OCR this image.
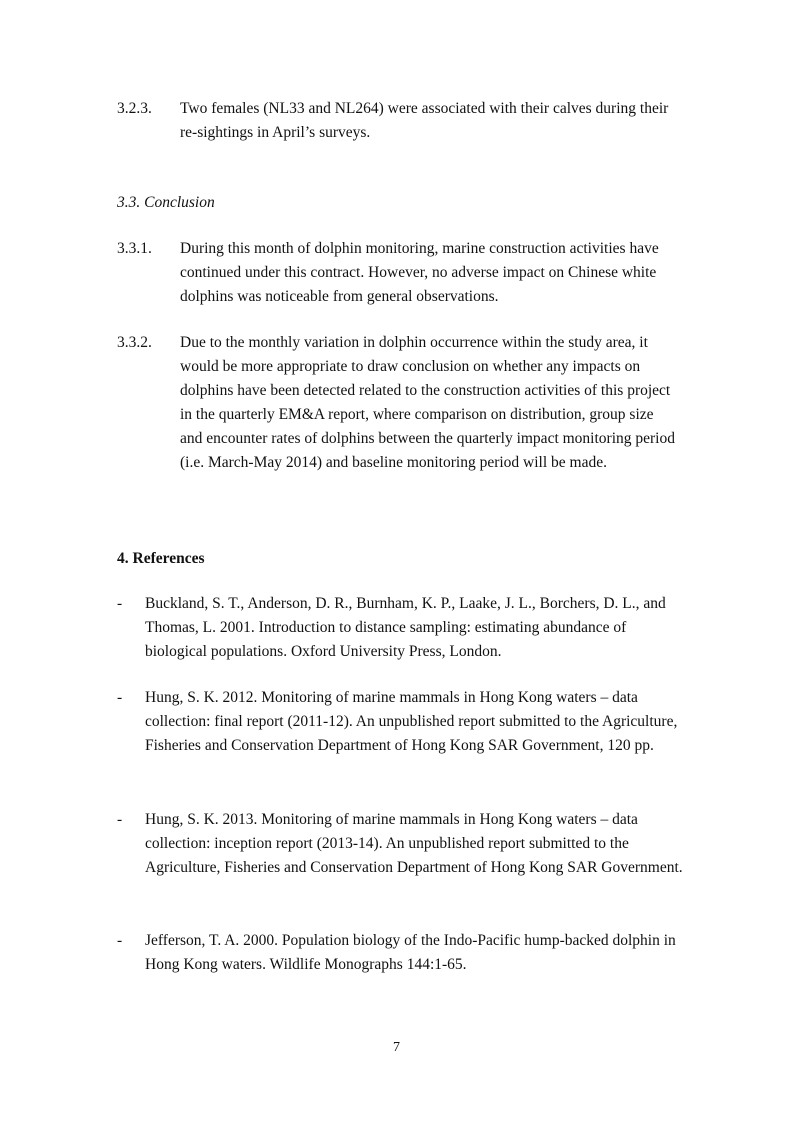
3.2.3.	Two females (NL33 and NL264) were associated with their calves during their re-sightings in April’s surveys.
3.3. Conclusion
3.3.1.	During this month of dolphin monitoring, marine construction activities have continued under this contract. However, no adverse impact on Chinese white dolphins was noticeable from general observations.
3.3.2.	Due to the monthly variation in dolphin occurrence within the study area, it would be more appropriate to draw conclusion on whether any impacts on dolphins have been detected related to the construction activities of this project in the quarterly EM&A report, where comparison on distribution, group size and encounter rates of dolphins between the quarterly impact monitoring period (i.e. March-May 2014) and baseline monitoring period will be made.
4. References
- Buckland, S. T., Anderson, D. R., Burnham, K. P., Laake, J. L., Borchers, D. L., and Thomas, L. 2001. Introduction to distance sampling: estimating abundance of biological populations. Oxford University Press, London.
- Hung, S. K. 2012. Monitoring of marine mammals in Hong Kong waters – data collection: final report (2011-12). An unpublished report submitted to the Agriculture, Fisheries and Conservation Department of Hong Kong SAR Government, 120 pp.
- Hung, S. K. 2013. Monitoring of marine mammals in Hong Kong waters – data collection: inception report (2013-14). An unpublished report submitted to the Agriculture, Fisheries and Conservation Department of Hong Kong SAR Government.
- Jefferson, T. A. 2000. Population biology of the Indo-Pacific hump-backed dolphin in Hong Kong waters. Wildlife Monographs 144:1-65.
7
